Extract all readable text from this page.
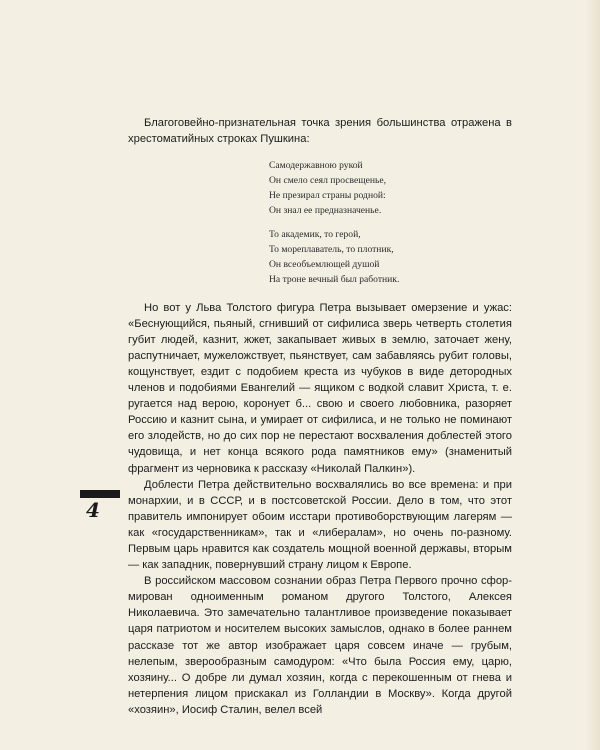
4

Благоговейно-признательная точка зрения большинства отражена в хрестоматийных строках Пушкина:

Самодержавною рукой
Он смело сеял просвещенье,
Не презирал страны родной:
Он знал ее предназначенье.
То академик, то герой,
То мореплаватель, то плотник,
Он всеобъемлющей душой
На троне вечный был работник.

Но вот у Льва Толстого фигура Петра вызывает омерзение и ужас: «Беснующийся, пьяный, сгнивший от сифилиса зверь четверть столетия губит людей, казнит, жжет, закапывает живых в землю, заточает жену, распутничает, мужеложствует, пьянствует, сам забавляясь рубит головы, кощунствует, ездит с подобием креста из чубуков в виде детородных членов и подобиями Евангелий — ящиком с водкой славит Христа, т. е. ругается над верою, коронует б... свою и своего любовника, разоряет Россию и казнит сына, и умирает от сифилиса, и не только не поминают его злодейств, но до сих пор не перестают восхваления доблестей этого чудовища, и нет конца всякого рода памятников ему» (знаменитый фрагмент из черновика к рассказу «Николай Палкин»).

Доблести Петра действительно восхвалялись во все времена: и при монархии, и в СССР, и в постсоветской России. Дело в том, что этот правитель импонирует обоим исстари противоборствующим лагерям — как «государственникам», так и «либералам», но очень по-разному. Первым царь нравится как создатель мощной военной державы, вторым — как западник, повернувший страну лицом к Европе.

В российском массовом сознании образ Петра Первого прочно сформирован одноименным романом другого Толстого, Алексея Николаевича. Это замечательно талантливое произведение показывает царя патриотом и носителем высоких замыслов, однако в более раннем рассказе тот же автор изображает царя совсем иначе — грубым, нелепым, зверообразным самодуром: «Что была Россия ему, царю, хозяину... О добре ли думал хозяин, когда с перекошенным от гнева и нетерпения лицом прискакал из Голландии в Москву». Когда другой «хозяин», Иосиф Сталин, велел всей
